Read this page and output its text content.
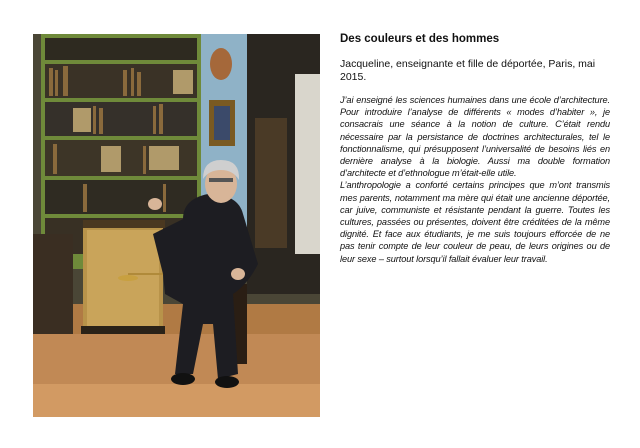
Des couleurs et des hommes

Jacqueline, enseignante et fille de déportée, Paris, mai 2015.

J’ai enseigné les sciences humaines dans une école d’architecture. Pour introduire l’analyse de différents « modes d’habiter », je consacrais une séance à la notion de culture. C’était rendu nécessaire par la persistance de doctrines architecturales, tel le fonctionnalisme, qui présupposent l’universalité de besoins liés en dernière analyse à la biologie. Aussi ma double formation d’architecte et d’ethnologue m’était-elle utile.

L’anthropologie a conforté certains principes que m’ont transmis mes parents, notamment ma mère qui était une ancienne déportée, car juive, communiste et résistante pendant la guerre. Toutes les cultures, passées ou présentes, doivent être créditées de la même dignité. Et face aux étudiants, je me suis toujours efforcée de ne pas tenir compte de leur couleur de peau, de leurs origines ou de leur sexe – surtout lorsqu’il fallait évaluer leur travail.
